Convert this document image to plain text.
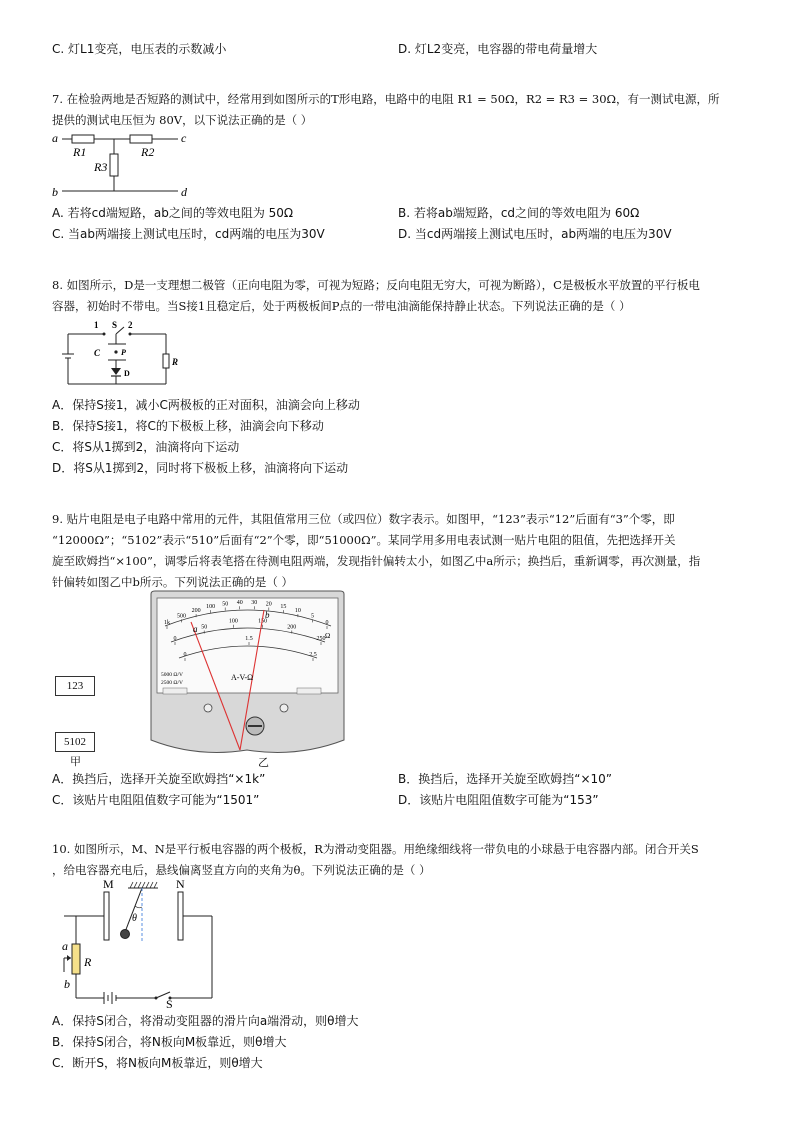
C. 灯L1变亮，电压表的示数减小	D. 灯L2变亮，电容器的带电荷量增大
7. 在检验两地是否短路的测试中，经常用到如图所示的T形电路，电路中的电阻 R1 = 50Ω，R2 = R3 = 30Ω，有一测试电源，所
提供的测试电压恒为 80V，以下说法正确的是（ ）
a	c
b	d
R1	R2
R3
A. 若将cd端短路，ab之间的等效电阻为 50Ω	B. 若将ab端短路，cd之间的等效电阻为 60Ω
C. 当ab两端接上测试电压时，cd两端的电压为30V	D. 当cd两端接上测试电压时，ab两端的电压为30V
8. 如图所示，D是一支理想二极管（正向电阻为零，可视为短路；反向电阻无穷大，可视为断路），C是极板水平放置的平行板电
容器，初始时不带电。当S接1且稳定后，处于两极板间P点的一带电油滴能保持静止状态。下列说法正确的是（ ）
1 S 2
C	P
D
R
A．保持S接1，减小C两极板的正对面积，油滴会向上移动
B．保持S接1，将C的下极板上移，油滴会向下移动
C．将S从1掷到2，油滴将向下运动
D．将S从1掷到2，同时将下极板上移，油滴将向下运动
9. 贴片电阻是电子电路中常用的元件，其阻值常用三位（或四位）数字表示。如图甲，“123”表示“12”后面有“3”个零，即
“12000Ω”；“5102”表示“510”后面有“2”个零，即“51000Ω”。某同学用多用电表试测一贴片电阻的阻值，先把选择开关
旋至欧姆挡“×100”，调零后将表笔搭在待测电阻两端，发现指针偏转太小，如图乙中a所示；换挡后，重新调零，再次测量，指
针偏转如图乙中b所示。下列说法正确的是（ ）
123
5102
甲
1k
500
200
100 50 40 30 20 15
10
5
0
0
50
100	150
200
250
0
1.5
2.5
a
b
Ω
A-V-Ω
5000 Ω/V
2500 Ω/V
乙
A．换挡后，选择开关旋至欧姆挡“×1k”	B．换挡后，选择开关旋至欧姆挡“×10”
C．该贴片电阻阻值数字可能为“1501”	D．该贴片电阻阻值数字可能为“153”
10. 如图所示，M、N是平行板电容器的两个极板，R为滑动变阻器。用绝缘细线将一带负电的小球悬于电容器内部。闭合开关S
，给电容器充电后，悬线偏离竖直方向的夹角为θ。下列说法正确的是（ ）
M	N
a
b
R
S
θ
A．保持S闭合，将滑动变阻器的滑片向a端滑动，则θ增大
B．保持S闭合，将N板向M板靠近，则θ增大
C．断开S，将N板向M板靠近，则θ增大
